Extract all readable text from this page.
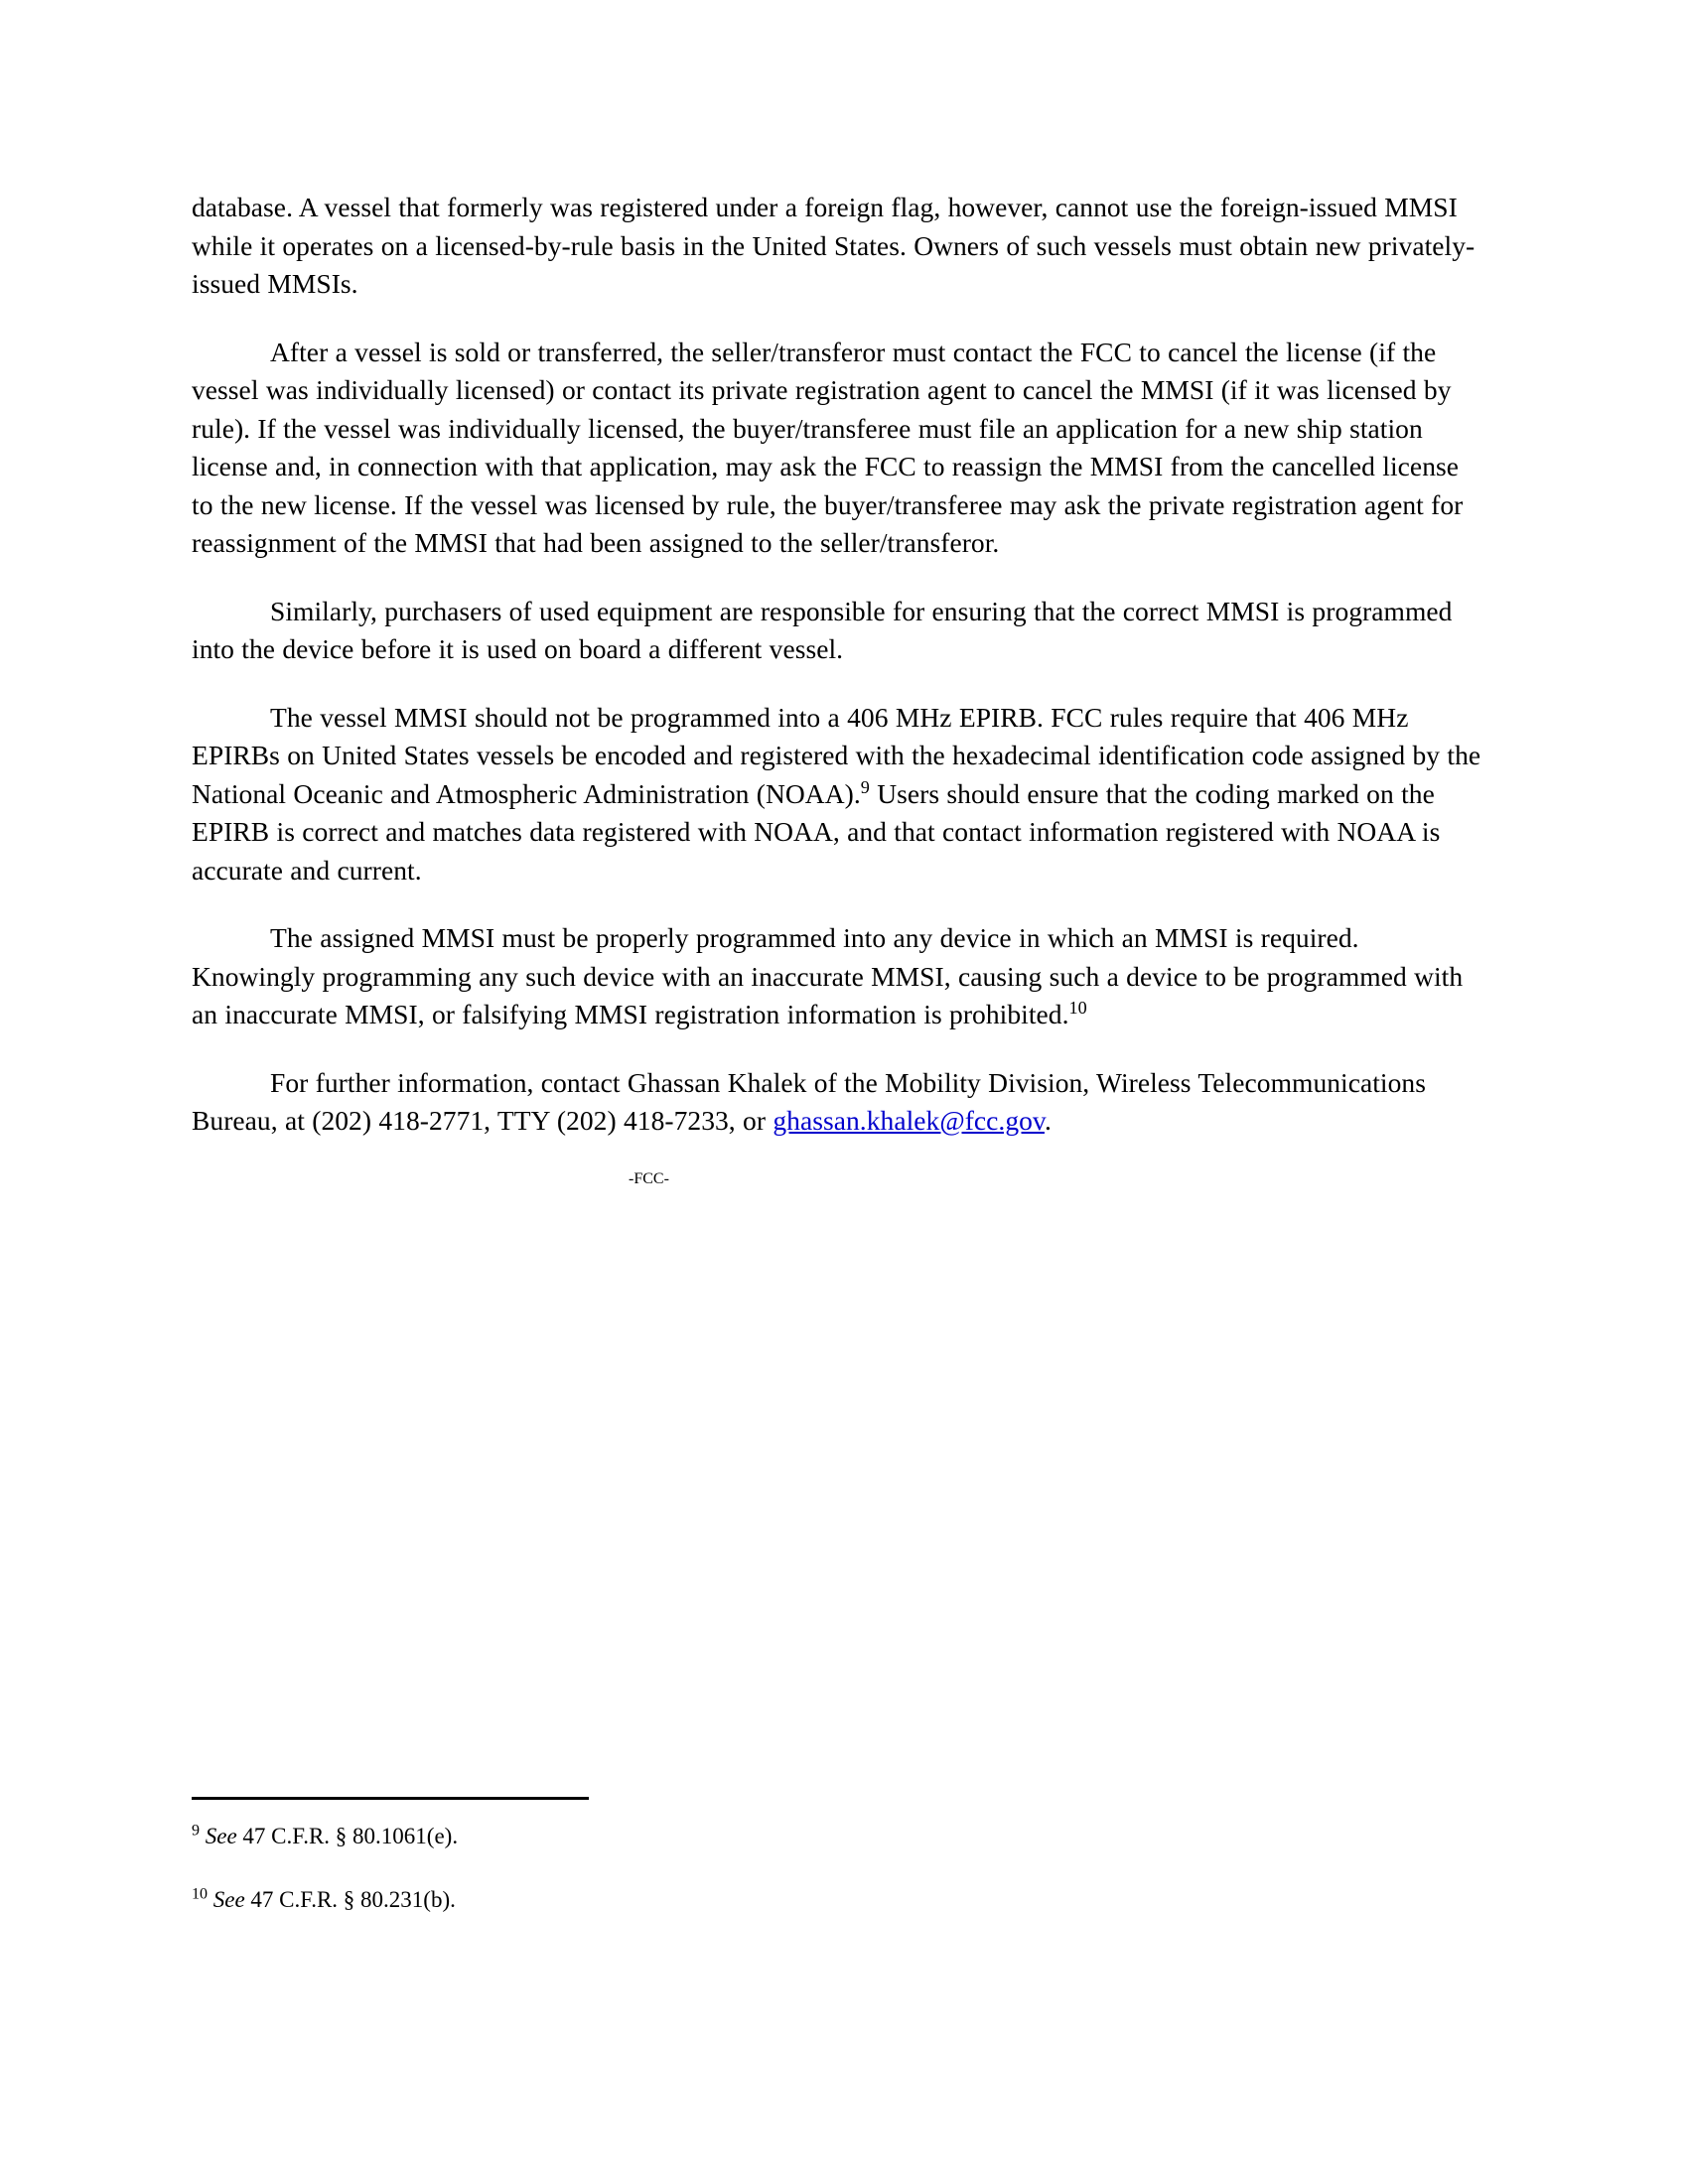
database. A vessel that formerly was registered under a foreign flag, however, cannot use the foreign-issued MMSI while it operates on a licensed-by-rule basis in the United States. Owners of such vessels must obtain new privately-issued MMSIs.

After a vessel is sold or transferred, the seller/transferor must contact the FCC to cancel the license (if the vessel was individually licensed) or contact its private registration agent to cancel the MMSI (if it was licensed by rule). If the vessel was individually licensed, the buyer/transferee must file an application for a new ship station license and, in connection with that application, may ask the FCC to reassign the MMSI from the cancelled license to the new license. If the vessel was licensed by rule, the buyer/transferee may ask the private registration agent for reassignment of the MMSI that had been assigned to the seller/transferor.

Similarly, purchasers of used equipment are responsible for ensuring that the correct MMSI is programmed into the device before it is used on board a different vessel.

The vessel MMSI should not be programmed into a 406 MHz EPIRB. FCC rules require that 406 MHz EPIRBs on United States vessels be encoded and registered with the hexadecimal identification code assigned by the National Oceanic and Atmospheric Administration (NOAA).$^9$ Users should ensure that the coding marked on the EPIRB is correct and matches data registered with NOAA, and that contact information registered with NOAA is accurate and current.

The assigned MMSI must be properly programmed into any device in which an MMSI is required. Knowingly programming any such device with an inaccurate MMSI, causing such a device to be programmed with an inaccurate MMSI, or falsifying MMSI registration information is prohibited.$^{10}$

For further information, contact Ghassan Khalek of the Mobility Division, Wireless Telecommunications Bureau, at (202) 418-2771, TTY (202) 418-7233, or ghassan.khalek@fcc.gov.

-FCC-

$^9$ See 47 C.F.R. § 80.1061(e).

$^{10}$ See 47 C.F.R. § 80.231(b).
